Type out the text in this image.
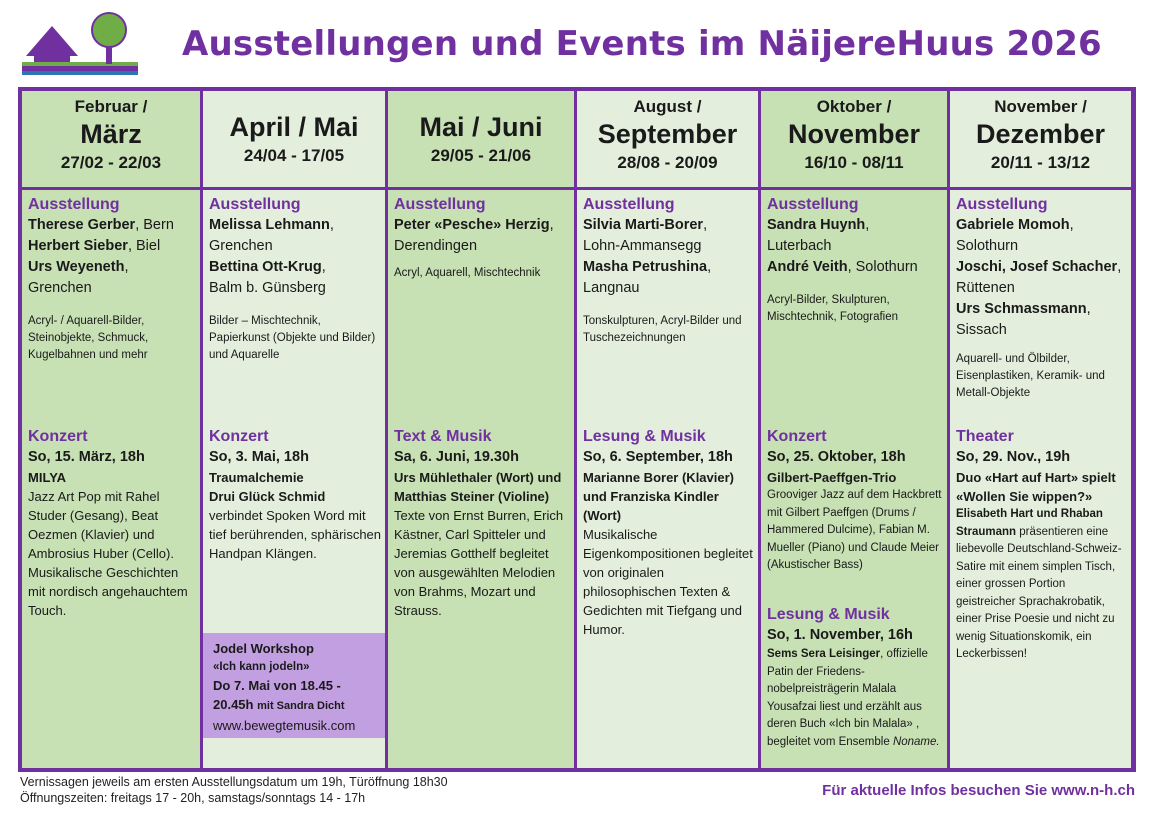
Ausstellungen und Events im NäijereHuus 2026
Februar /
März
27/02 - 22/03
Ausstellung
Therese Gerber, Bern
Herbert Sieber, Biel
Urs Weyeneth,
Grenchen
Acryl- / Aquarell-Bilder, Steinobjekte, Schmuck, Kugelbahnen und mehr
Konzert
So, 15. März, 18h
MILYA
Jazz Art Pop mit Rahel Studer (Gesang), Beat Oezmen (Klavier) und Ambrosius Huber (Cello). Musikalische Geschichten mit nordisch angehauchtem Touch.
April / Mai
24/04 - 17/05
Ausstellung
Melissa Lehmann,
Grenchen
Bettina Ott-Krug,
Balm b. Günsberg
Bilder – Mischtechnik, Papierkunst (Objekte und Bilder) und Aquarelle
Konzert
So, 3. Mai, 18h
Traumalchemie
Drui Glück Schmid
verbindet Spoken Word mit tief berührenden, sphärischen Handpan Klängen.
Jodel Workshop
«Ich kann jodeln»
Do 7. Mai von 18.45 - 20.45h mit Sandra Dicht
www.bewegtemusik.com
Mai / Juni
29/05 - 21/06
Ausstellung
Peter «Pesche» Herzig,
Derendingen
Acryl, Aquarell, Mischtechnik
Text & Musik
Sa, 6. Juni, 19.30h
Urs Mühlethaler (Wort) und Matthias Steiner (Violine)
Texte von Ernst Burren, Erich Kästner, Carl Spitteler und Jeremias Gotthelf begleitet von ausgewählten Melodien von Brahms, Mozart und Strauss.
August /
September
28/08 - 20/09
Ausstellung
Silvia Marti-Borer,
Lohn-Ammansegg
Masha Petrushina,
Langnau
Tonskulpturen, Acryl-Bilder und Tuschezeichnungen
Lesung & Musik
So, 6. September, 18h
Marianne Borer (Klavier) und Franziska Kindler (Wort)
Musikalische Eigenkompositionen begleitet von originalen philosophischen Texten & Gedichten mit Tiefgang und Humor.
Oktober /
November
16/10 - 08/11
Ausstellung
Sandra Huynh,
Luterbach
André Veith, Solothurn
Acryl-Bilder, Skulpturen, Mischtechnik, Fotografien
Konzert
So, 25. Oktober, 18h
Gilbert-Paeffgen-Trio
Grooviger Jazz auf dem Hackbrett mit Gilbert Paeffgen (Drums / Hammered Dulcime), Fabian M. Mueller (Piano) und Claude Meier (Akustischer Bass)
Lesung & Musik
So, 1. November, 16h
Sems Sera Leisinger, offizielle Patin der Friedens-nobelpreisträgerin Malala Yousafzai liest und erzählt aus deren Buch «Ich bin Malala» , begleitet vom Ensemble Noname.
November /
Dezember
20/11 - 13/12
Ausstellung
Gabriele Momoh,
Solothurn
Joschi, Josef Schacher,
Rüttenen
Urs Schmassmann,
Sissach
Aquarell- und Ölbilder, Eisenplastiken, Keramik- und Metall-Objekte
Theater
So, 29. Nov., 19h
Duo «Hart auf Hart» spielt «Wollen Sie wippen?»
Elisabeth Hart und Rhaban Straumann präsentieren eine liebevolle Deutschland-Schweiz-Satire mit einem simplen Tisch, einer grossen Portion geistreicher Sprachakrobatik, einer Prise Poesie und nicht zu wenig Situationskomik, ein Leckerbissen!
Vernissagen jeweils am ersten Ausstellungsdatum um 19h, Türöffnung 18h30
Öffnungszeiten: freitags 17 - 20h, samstags/sonntags 14 - 17h	Für aktuelle Infos besuchen Sie www.n-h.ch
